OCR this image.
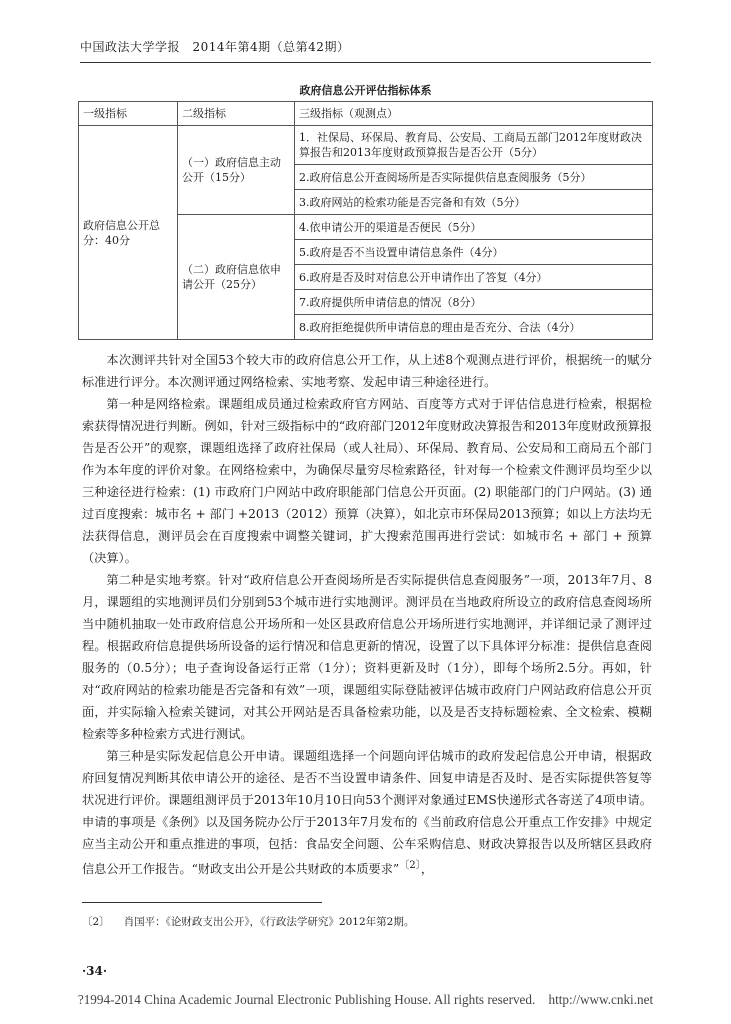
中国政法大学学报　2014年第4期（总第42期）
政府信息公开评估指标体系
一级指标	二级指标	三级指标（观测点）
政府信息公开总分：40分	（一）政府信息主动公开（15分）	1．社保局、环保局、教育局、公安局、工商局五部门2012年度财政决算报告和2013年度财政预算报告是否公开（5分）
		2.政府信息公开查阅场所是否实际提供信息查阅服务（5分）
		3.政府网站的检索功能是否完备和有效（5分）
	（二）政府信息依申请公开（25分）	4.依申请公开的渠道是否便民（5分）
		5.政府是否不当设置申请信息条件（4分）
		6.政府是否及时对信息公开申请作出了答复（4分）
		7.政府提供所申请信息的情况（8分）
		8.政府拒绝提供所申请信息的理由是否充分、合法（4分）

本次测评共针对全国53个较大市的政府信息公开工作，从上述8个观测点进行评价，根据统一的赋分标准进行评分。本次测评通过网络检索、实地考察、发起申请三种途径进行。

第一种是网络检索。课题组成员通过检索政府官方网站、百度等方式对于评估信息进行检索，根据检索获得情况进行判断。例如，针对三级指标中的“政府部门2012年度财政决算报告和2013年度财政预算报告是否公开”的观察，课题组选择了政府社保局（或人社局）、环保局、教育局、公安局和工商局五个部门作为本年度的评价对象。在网络检索中，为确保尽量穷尽检索路径，针对每一个检索文件测评员均至少以三种途径进行检索：(1) 市政府门户网站中政府职能部门信息公开页面。(2) 职能部门的门户网站。(3) 通过百度搜索：城市名 + 部门 +2013（2012）预算（决算），如北京市环保局2013预算；如以上方法均无法获得信息，测评员会在百度搜索中调整关键词，扩大搜索范围再进行尝试：如城市名 + 部门 + 预算（决算）。

第二种是实地考察。针对“政府信息公开查阅场所是否实际提供信息查阅服务”一项，2013年7月、8月，课题组的实地测评员们分别到53个城市进行实地测评。测评员在当地政府所设立的政府信息查阅场所当中随机抽取一处市政府信息公开场所和一处区县政府信息公开场所进行实地测评，并详细记录了测评过程。根据政府信息提供场所设备的运行情况和信息更新的情况，设置了以下具体评分标准：提供信息查阅服务的（0.5分）；电子查询设备运行正常（1分）；资料更新及时（1分），即每个场所2.5分。再如，针对“政府网站的检索功能是否完备和有效”一项，课题组实际登陆被评估城市政府门户网站政府信息公开页面，并实际输入检索关键词，对其公开网站是否具备检索功能，以及是否支持标题检索、全文检索、模糊检索等多种检索方式进行测试。

第三种是实际发起信息公开申请。课题组选择一个问题向评估城市的政府发起信息公开申请，根据政府回复情况判断其依申请公开的途径、是否不当设置申请条件、回复申请是否及时、是否实际提供答复等状况进行评价。课题组测评员于2013年10月10日向53个测评对象通过EMS快递形式各寄送了4项申请。申请的事项是《条例》以及国务院办公厅于2013年7月发布的《当前政府信息公开重点工作安排》中规定应当主动公开和重点推进的事项，包括：食品安全问题、公车采购信息、财政决算报告以及所辖区县政府信息公开工作报告。“财政支出公开是公共财政的本质要求”$^{〔2〕}$，

〔2〕 肖国平：《论财政支出公开》，《行政法学研究》2012年第2期。
·34·
?1994-2014 China Academic Journal Electronic Publishing House. All rights reserved.　http://www.cnki.net
